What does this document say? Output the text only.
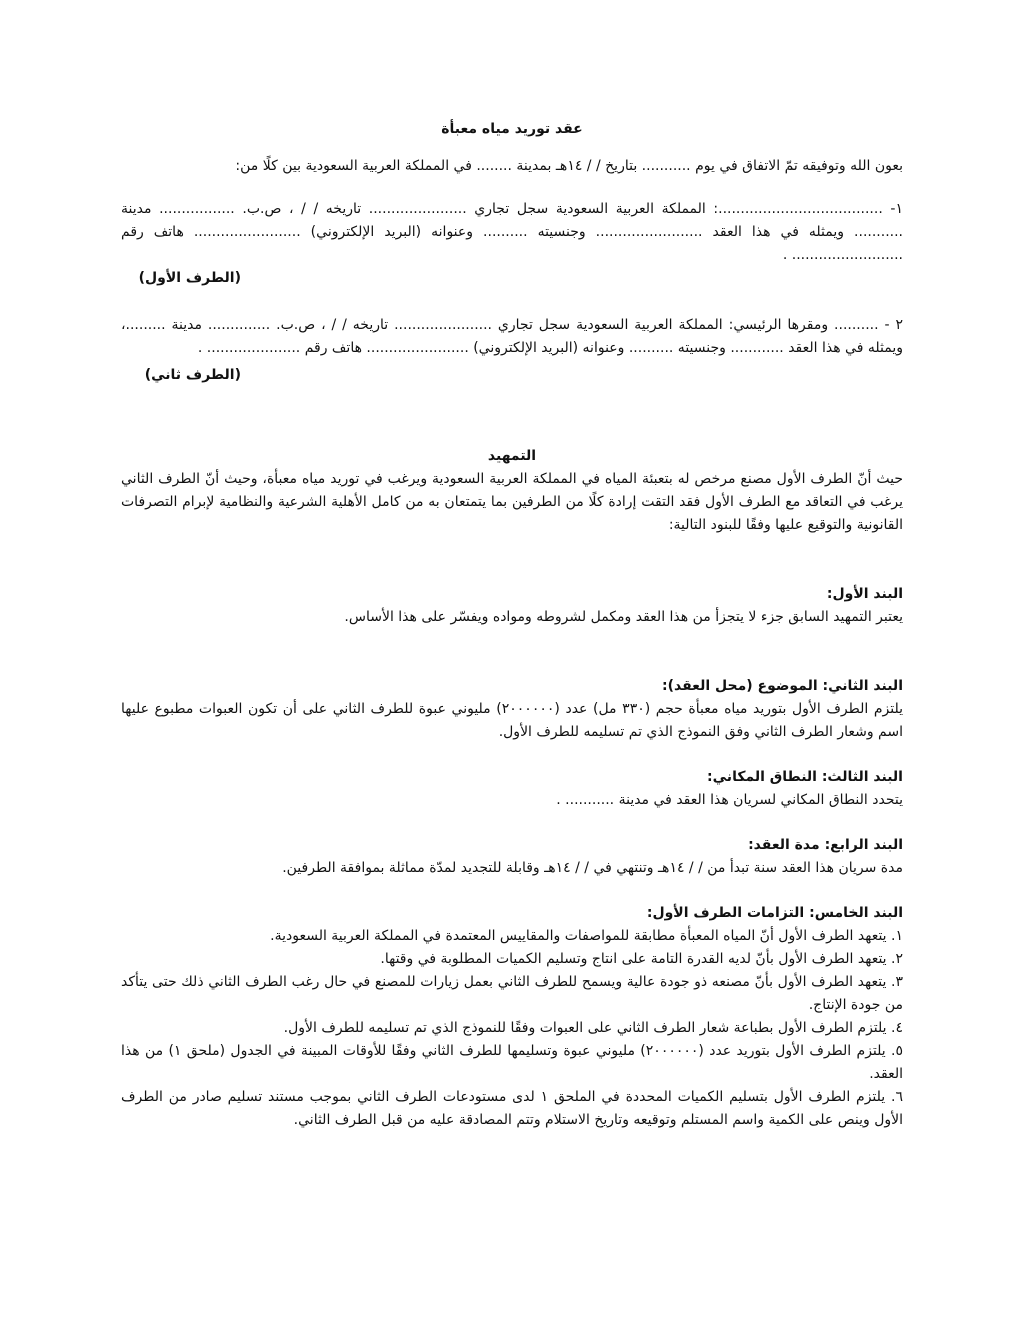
عقد توريد مياه معبأة

بعون الله وتوفيقه تمّ الاتفاق في يوم ........... بتاريخ / / ١٤هـ بمدينة ........ في المملكة العربية السعودية بين كلًا من:

١- .....................................: المملكة العربية السعودية سجل تجاري ...................... تاريخه / / ، ص.ب. ................. مدينة ........... ويمثله في هذا العقد ........................ وجنسيته .......... وعنوانه (البريد الإلكتروني) ........................ هاتف رقم ......................... .

(الطرف الأول)

٢ - .......... ومقرها الرئيسي: المملكة العربية السعودية سجل تجاري ...................... تاريخه / / ، ص.ب. .............. مدينة .........، ويمثله في هذا العقد ............ وجنسيته .......... وعنوانه (البريد الإلكتروني) ....................... هاتف رقم ..................... .

(الطرف ثاني)

التمهيد

حيث أنّ الطرف الأول مصنع مرخص له بتعبئة المياه في المملكة العربية السعودية ويرغب في توريد مياه معبأة، وحيث أنّ الطرف الثاني يرغب في التعاقد مع الطرف الأول فقد التقت إرادة كلًا من الطرفين بما يتمتعان به من كامل الأهلية الشرعية والنظامية لإبرام التصرفات القانونية والتوقيع عليها وفقًا للبنود التالية:

البند الأول:

يعتبر التمهيد السابق جزء لا يتجزأ من هذا العقد ومكمل لشروطه ومواده ويفسّر على هذا الأساس.

البند الثاني: الموضوع (محل العقد):

يلتزم الطرف الأول بتوريد مياه معبأة حجم (٣٣٠ مل) عدد (٢٠٠٠٠٠٠) مليوني عبوة للطرف الثاني على أن تكون العبوات مطبوع عليها اسم وشعار الطرف الثاني وفق النموذج الذي تم تسليمه للطرف الأول.

البند الثالث: النطاق المكاني:

يتحدد النطاق المكاني لسريان هذا العقد في مدينة ........... .

البند الرابع: مدة العقد:

مدة سريان هذا العقد سنة تبدأ من / / ١٤هـ وتنتهي في / / ١٤هـ وقابلة للتجديد لمدّة مماثلة بموافقة الطرفين.

البند الخامس: التزامات الطرف الأول:

١. يتعهد الطرف الأول أنّ المياه المعبأة مطابقة للمواصفات والمقاييس المعتمدة في المملكة العربية السعودية.
٢. يتعهد الطرف الأول بأنّ لديه القدرة التامة على انتاج وتسليم الكميات المطلوبة في وقتها.
٣. يتعهد الطرف الأول بأنّ مصنعه ذو جودة عالية ويسمح للطرف الثاني بعمل زيارات للمصنع في حال رغب الطرف الثاني ذلك حتى يتأكد من جودة الإنتاج.
٤. يلتزم الطرف الأول بطباعة شعار الطرف الثاني على العبوات وفقًا للنموذج الذي تم تسليمه للطرف الأول.
٥. يلتزم الطرف الأول بتوريد عدد (٢٠٠٠٠٠٠) مليوني عبوة وتسليمها للطرف الثاني وفقًا للأوقات المبينة في الجدول (ملحق ١) من هذا العقد.
٦. يلتزم الطرف الأول بتسليم الكميات المحددة في الملحق ١ لدى مستودعات الطرف الثاني بموجب مستند تسليم صادر من الطرف الأول وينص على الكمية واسم المستلم وتوقيعه وتاريخ الاستلام وتتم المصادقة عليه من قبل الطرف الثاني.
